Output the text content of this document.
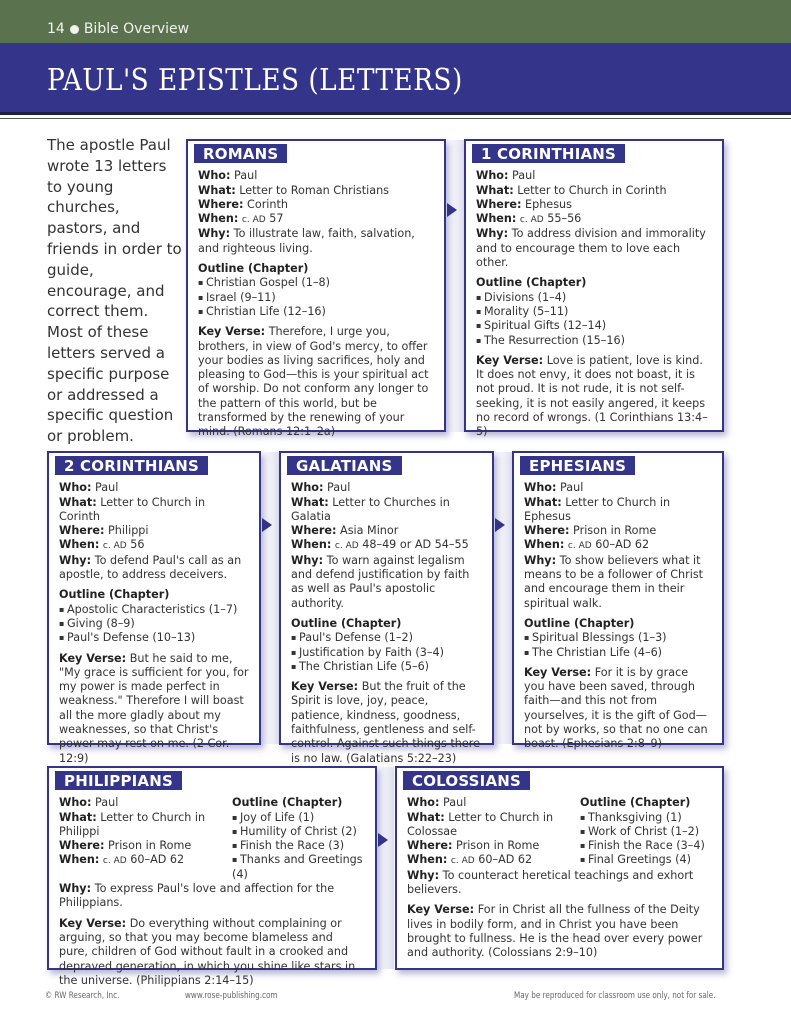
14 Bible Overview
PAUL'S EPISTLES (LETTERS)

The apostle Paul wrote 13 letters to young churches, pastors, and friends in order to guide, encourage, and correct them. Most of these letters served a specific purpose or addressed a specific question or problem.

ROMANS
Who: Paul
What: Letter to Roman Christians
Where: Corinth
When: c. AD 57
Why: To illustrate law, faith, salvation, and righteous living.
Outline (Chapter)
▪ Christian Gospel (1–8)
▪ Israel (9–11)
▪ Christian Life (12–16)
Key Verse: Therefore, I urge you, brothers, in view of God's mercy, to offer your bodies as living sacrifices, holy and pleasing to God—this is your spiritual act of worship. Do not conform any longer to the pattern of this world, but be transformed by the renewing of your mind. (Romans 12:1–2a)
1 CORINTHIANS
Who: Paul
What: Letter to Church in Corinth
Where: Ephesus
When: c. AD 55–56
Why: To address division and immorality and to encourage them to love each other.
Outline (Chapter)
▪ Divisions (1–4)
▪ Morality (5–11)
▪ Spiritual Gifts (12–14)
▪ The Resurrection (15–16)
Key Verse: Love is patient, love is kind. It does not envy, it does not boast, it is not proud. It is not rude, it is not self-seeking, it is not easily angered, it keeps no record of wrongs. (1 Corinthians 13:4–5)
2 CORINTHIANS
Who: Paul
What: Letter to Church in Corinth
Where: Philippi
When: c. AD 56
Why: To defend Paul's call as an apostle, to address deceivers.
Outline (Chapter)
▪ Apostolic Characteristics (1–7)
▪ Giving (8–9)
▪ Paul's Defense (10–13)
Key Verse: But he said to me, "My grace is sufficient for you, for my power is made perfect in weakness." Therefore I will boast all the more gladly about my weaknesses, so that Christ's power may rest on me. (2 Cor. 12:9)
GALATIANS
Who: Paul
What: Letter to Churches in Galatia
Where: Asia Minor
When: c. AD 48–49 or AD 54–55
Why: To warn against legalism and defend justification by faith as well as Paul's apostolic authority.
Outline (Chapter)
▪ Paul's Defense (1–2)
▪ Justification by Faith (3–4)
▪ The Christian Life (5–6)
Key Verse: But the fruit of the Spirit is love, joy, peace, patience, kindness, goodness, faithfulness, gentleness and self-control. Against such things there is no law. (Galatians 5:22–23)
EPHESIANS
Who: Paul
What: Letter to Church in Ephesus
Where: Prison in Rome
When: c. AD 60–AD 62
Why: To show believers what it means to be a follower of Christ and encourage them in their spiritual walk.
Outline (Chapter)
▪ Spiritual Blessings (1–3)
▪ The Christian Life (4–6)
Key Verse: For it is by grace you have been saved, through faith—and this not from yourselves, it is the gift of God—not by works, so that no one can boast. (Ephesians 2:8–9)
PHILIPPIANS
Who: Paul
What: Letter to Church in Philippi
Where: Prison in Rome
When: c. AD 60–AD 62
Outline (Chapter)
▪ Joy of Life (1)
▪ Humility of Christ (2)
▪ Finish the Race (3)
▪ Thanks and Greetings (4)
Why: To express Paul's love and affection for the Philippians.
Key Verse: Do everything without complaining or arguing, so that you may become blameless and pure, children of God without fault in a crooked and depraved generation, in which you shine like stars in the universe. (Philippians 2:14–15)
COLOSSIANS
Who: Paul
What: Letter to Church in Colossae
Where: Prison in Rome
When: c. AD 60–AD 62
Outline (Chapter)
▪ Thanksgiving (1)
▪ Work of Christ (1–2)
▪ Finish the Race (3–4)
▪ Final Greetings (4)
Why: To counteract heretical teachings and exhort believers.
Key Verse: For in Christ all the fullness of the Deity lives in bodily form, and in Christ you have been brought to fullness. He is the head over every power and authority. (Colossians 2:9–10)
© RW Research, Inc.	www.rose-publishing.com	May be reproduced for classroom use only, not for sale.
